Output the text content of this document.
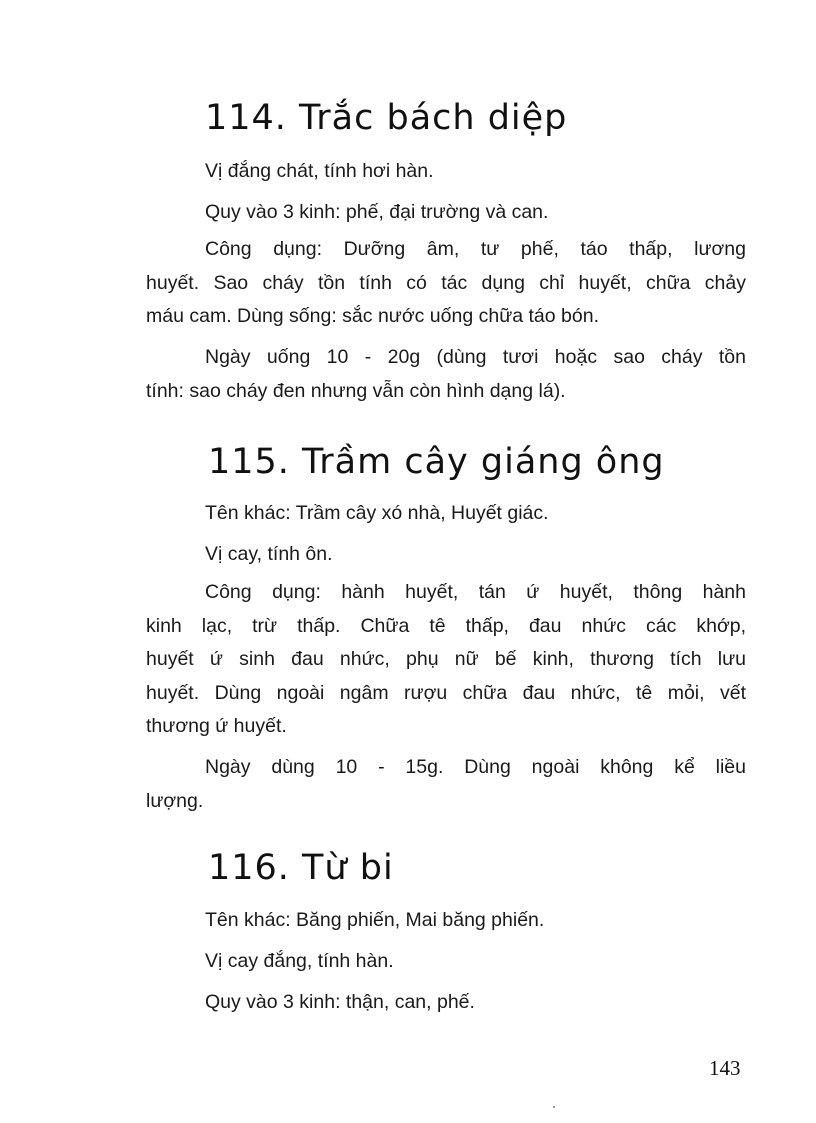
114. Trắc bách diệp
Vị đắng chát, tính hơi hàn.
Quy vào 3 kinh: phế, đại trường và can.
Công dụng: Dưỡng âm, tư phế, táo thấp, lương
huyết. Sao cháy tồn tính có tác dụng chỉ huyết, chữa chảy
máu cam. Dùng sống: sắc nước uống chữa táo bón.
Ngày uống 10 - 20g (dùng tươi hoặc sao cháy tồn
tính: sao cháy đen nhưng vẫn còn hình dạng lá).
115. Trầm cây giáng ông
Tên khác: Trầm cây xó nhà, Huyết giác.
Vị cay, tính ôn.
Công dụng: hành huyết, tán ứ huyết, thông hành
kinh lạc, trừ thấp. Chữa tê thấp, đau nhức các khớp,
huyết ứ sinh đau nhức, phụ nữ bế kinh, thương tích lưu
huyết. Dùng ngoài ngâm rượu chữa đau nhức, tê mỏi, vết
thương ứ huyết.
Ngày dùng 10 - 15g. Dùng ngoài không kể liều
lượng.
116. Từ bi
Tên khác: Băng phiến, Mai băng phiến.
Vị cay đắng, tính hàn.
Quy vào 3 kinh: thận, can, phế.
143
